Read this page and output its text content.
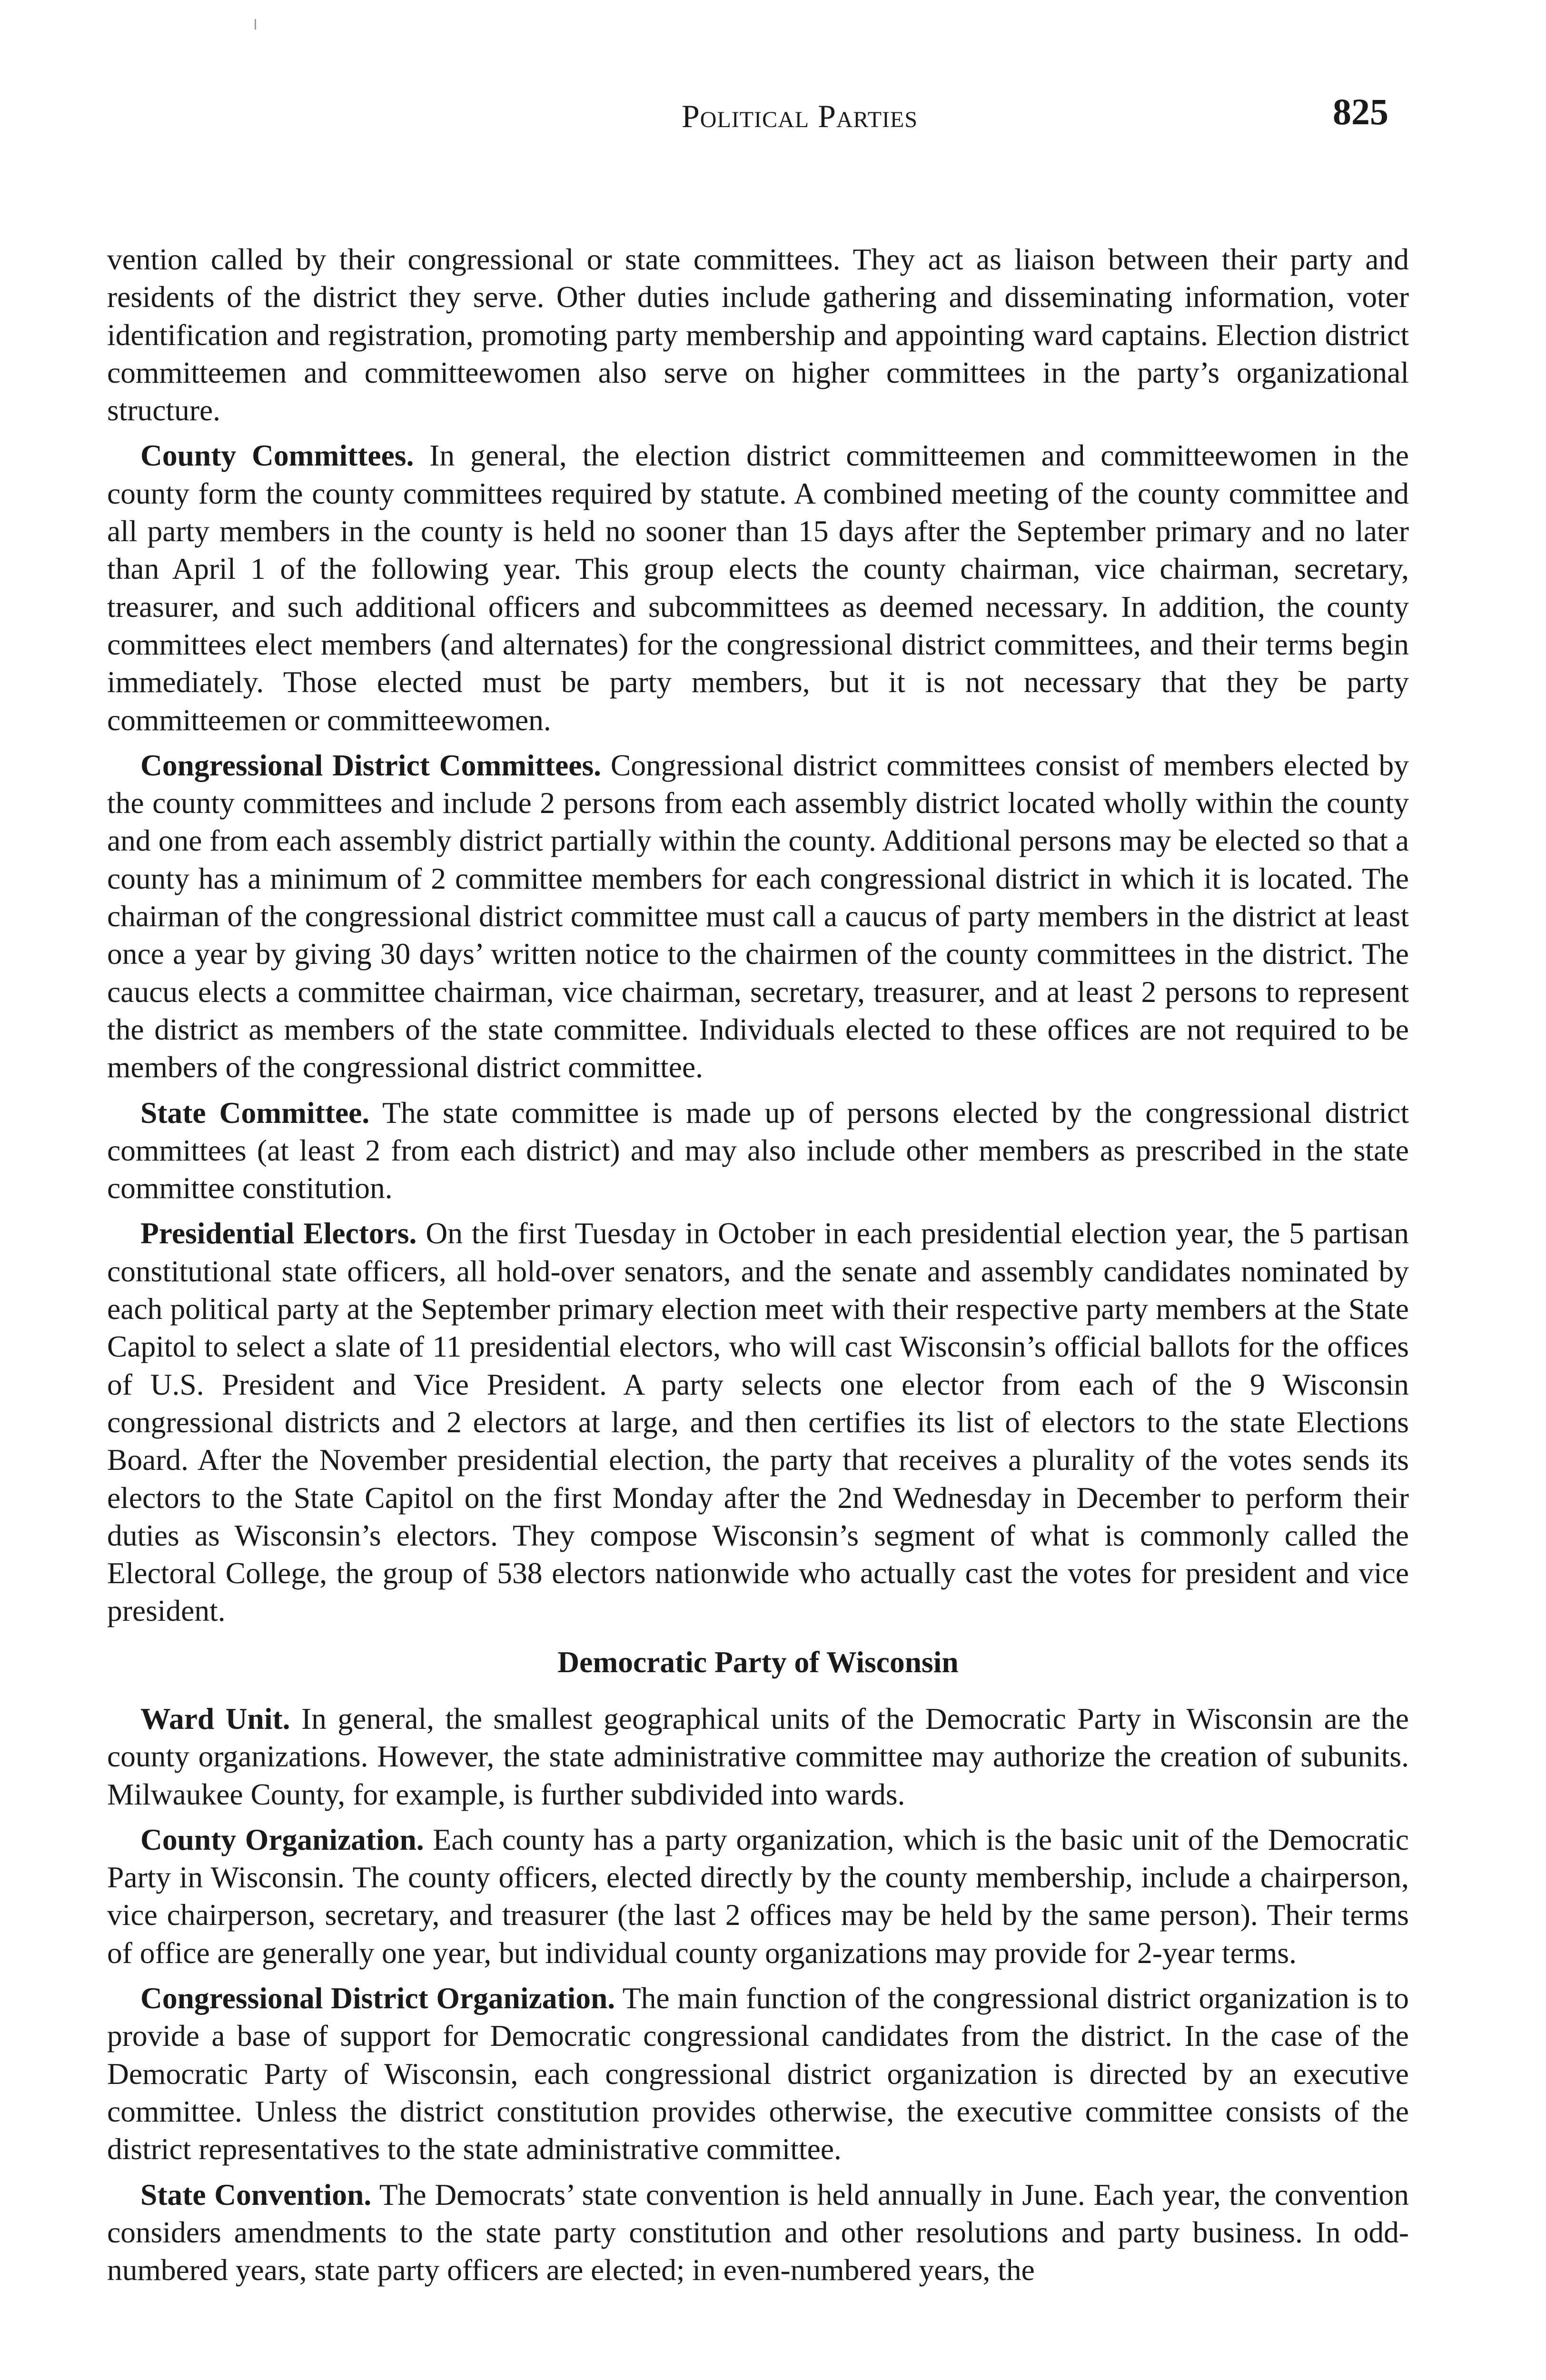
Political Parties	825

vention called by their congressional or state committees. They act as liaison between their party and residents of the district they serve. Other duties include gathering and disseminating information, voter identification and registration, promoting party membership and appointing ward captains. Election district committeemen and committeewomen also serve on higher committees in the party’s organizational structure.

County Committees. In general, the election district committeemen and committeewomen in the county form the county committees required by statute. A combined meeting of the county committee and all party members in the county is held no sooner than 15 days after the September primary and no later than April 1 of the following year. This group elects the county chairman, vice chairman, secretary, treasurer, and such additional officers and subcommittees as deemed necessary. In addition, the county committees elect members (and alternates) for the congressional district committees, and their terms begin immediately. Those elected must be party members, but it is not necessary that they be party committeemen or committeewomen.

Congressional District Committees. Congressional district committees consist of members elected by the county committees and include 2 persons from each assembly district located wholly within the county and one from each assembly district partially within the county. Additional persons may be elected so that a county has a minimum of 2 committee members for each congressional district in which it is located. The chairman of the congressional district committee must call a caucus of party members in the district at least once a year by giving 30 days’ written notice to the chairmen of the county committees in the district. The caucus elects a committee chairman, vice chairman, secretary, treasurer, and at least 2 persons to represent the district as members of the state committee. Individuals elected to these offices are not required to be members of the congressional district committee.

State Committee. The state committee is made up of persons elected by the congressional district committees (at least 2 from each district) and may also include other members as prescribed in the state committee constitution.

Presidential Electors. On the first Tuesday in October in each presidential election year, the 5 partisan constitutional state officers, all hold-over senators, and the senate and assembly candidates nominated by each political party at the September primary election meet with their respective party members at the State Capitol to select a slate of 11 presidential electors, who will cast Wisconsin’s official ballots for the offices of U.S. President and Vice President. A party selects one elector from each of the 9 Wisconsin congressional districts and 2 electors at large, and then certifies its list of electors to the state Elections Board. After the November presidential election, the party that receives a plurality of the votes sends its electors to the State Capitol on the first Monday after the 2nd Wednesday in December to perform their duties as Wisconsin’s electors. They compose Wisconsin’s segment of what is commonly called the Electoral College, the group of 538 electors nationwide who actually cast the votes for president and vice president.

Democratic Party of Wisconsin

Ward Unit. In general, the smallest geographical units of the Democratic Party in Wisconsin are the county organizations. However, the state administrative committee may authorize the creation of subunits. Milwaukee County, for example, is further subdivided into wards.

County Organization. Each county has a party organization, which is the basic unit of the Democratic Party in Wisconsin. The county officers, elected directly by the county membership, include a chairperson, vice chairperson, secretary, and treasurer (the last 2 offices may be held by the same person). Their terms of office are generally one year, but individual county organizations may provide for 2-year terms.

Congressional District Organization. The main function of the congressional district organization is to provide a base of support for Democratic congressional candidates from the district. In the case of the Democratic Party of Wisconsin, each congressional district organization is directed by an executive committee. Unless the district constitution provides otherwise, the executive committee consists of the district representatives to the state administrative committee.

State Convention. The Democrats’ state convention is held annually in June. Each year, the convention considers amendments to the state party constitution and other resolutions and party business. In odd-numbered years, state party officers are elected; in even-numbered years, the
